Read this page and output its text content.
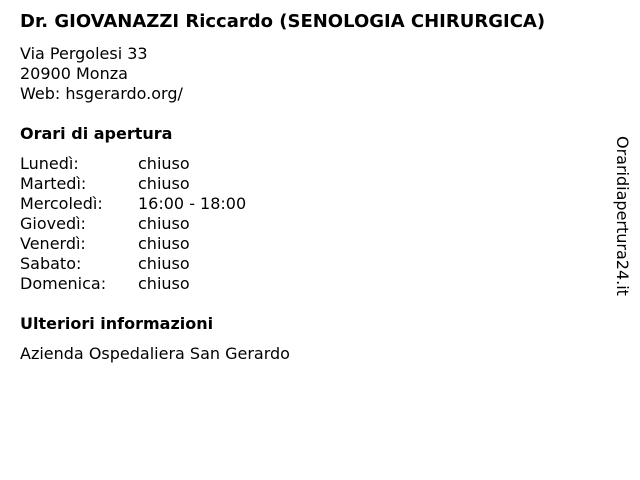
Dr. GIOVANAZZI Riccardo (SENOLOGIA CHIRURGICA)
Via Pergolesi 33
20900 Monza
Web: hsgerardo.org/
Orari di apertura
Lunedì:	chiuso
Martedì:	chiuso
Mercoledì:	16:00 - 18:00
Giovedì:	chiuso
Venerdì:	chiuso
Sabato:	chiuso
Domenica:	chiuso
Ulteriori informazioni
Azienda Ospedaliera San Gerardo
Oraridiapertura24.it
